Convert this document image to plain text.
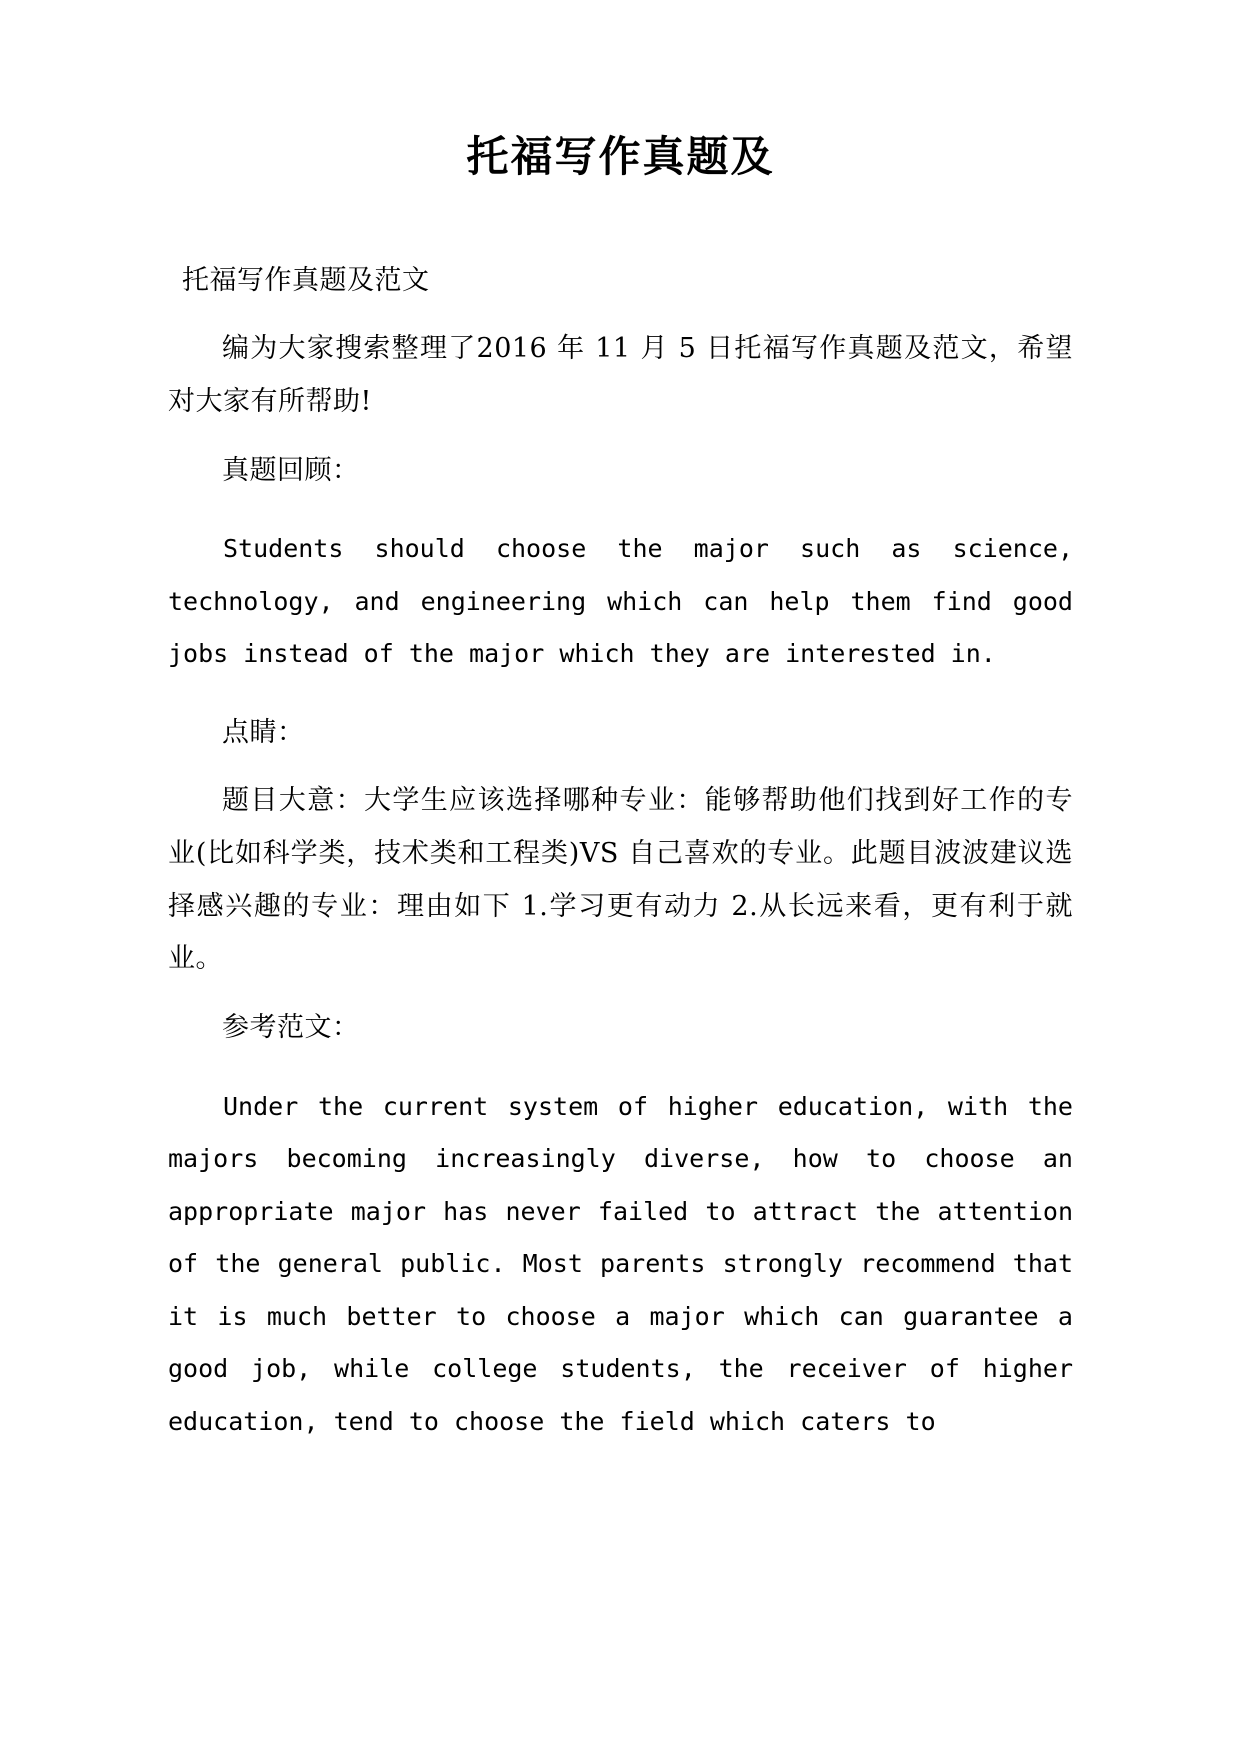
托福写作真题及

托福写作真题及范文

编为大家搜索整理了2016 年 11 月 5 日托福写作真题及范文，希望对大家有所帮助!

真题回顾：

Students should choose the major such as science, technology, and engineering which can help them find good jobs instead of the major which they are interested in.

点睛：

题目大意：大学生应该选择哪种专业：能够帮助他们找到好工作的专业(比如科学类，技术类和工程类)VS 自己喜欢的专业。此题目波波建议选择感兴趣的专业：理由如下 1.学习更有动力 2.从长远来看，更有利于就业。

参考范文：

Under the current system of higher education, with the majors becoming increasingly diverse, how to choose an appropriate major has never failed to attract the attention of the general public. Most parents strongly recommend that it is much better to choose a major which can guarantee a good job, while college students, the receiver of higher education, tend to choose the field which caters to
